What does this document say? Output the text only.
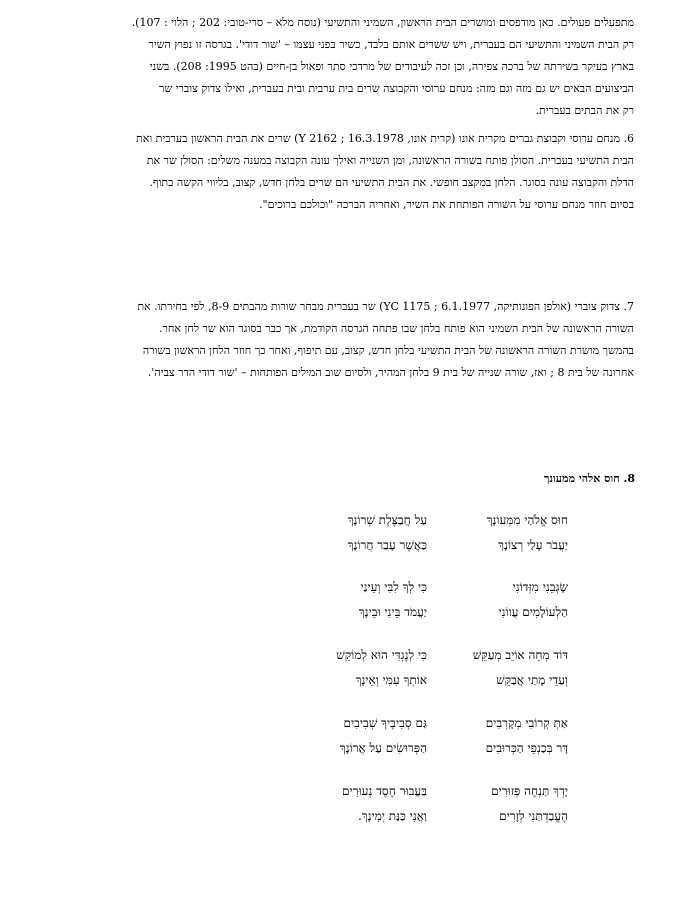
מתפעלים פעולים. כאן מודפסים ומושרים הבית הראשון, השמיני והתשיעי (נוסח מלא – סרי-טובי: 202 ; הלוי : 107).
רק הבית השמיני והתשיעי הם בעברית, ויש ששרים אותם בלבד, כשיר בפני עצמו – 'שור דודי'. בגרסה זו נפוץ השיר
בארץ בעיקר בשירתה של ברכה צפירה, וכן זכה לעיבודים של מרדכי סתר ופאול בן-חיים (בהט 1995: 208). בשני
הביצועים הבאים יש גם מזה וגם מזה: מנחם ערוסי והקבוצה שרים בית ערבית ובית בעברית, ואילו צדוק צוברי שר
רק את הבתים בעברית.
6. מנחם ערוסי וקבוצת גברים מקרית אונו (קרית אונו, 16.3.1978 ; Y 2162) שרים את הבית הראשון בערבית ואת
הבית התשיעי בעברית. הסולן פותח בשורה הראשונה, ומן השנייה ואילך עונה הקבוצה במענה משלים: הסולן שר את
הדלת והקבוצה עונה בסוגר. הלחן במקצב חופשי. את הבית התשיעי הם שרים בלחן חדש, קצוב, בליווי הקשה בתוף.
בסיום חוזר מנחם ערוסי על השורה הפותחת את השיר, ואחריה הברכה "וכולכם ברוכים".
7. צדוק צוברי (אולפן הפונותיקה, 6.1.1977 ; YC 1175) שר בעברית מבחר שורות מהבתים 8-9, לפי בחירתו. את
השורה הראשונה של הבית השמיני הוא פותח בלחן שבו פתחה הגרסה הקודמת, אך כבר בסוגר הוא שר לחן אחר.
בהמשך מושרת השורה הראשונה של הבית התשיעי בלחן חדש, קצוב, עם תיפוף, ואחר כך חוזר הלחן הראשון בשורה
אחרונה של בית 8 ; ואז, שורה שנייה של בית 9 בלחן המהיר, ולסיום שוב המילים הפותחות – 'שור דודי הדר צביה'.
8. חוס אלהי ממעונך
חוּס אֱלֹהַי מִמְּעוֹנָךְ
עַל חֲבַצֶּלֶת שְׁרוֹנָךְ
יַעֲבֹר עָלַי רְצוֹנָךְ
כַּאֲשֶׁר עָבַר חֲרוֹנָךְ
שָׂגְבֵנִי מִזְּדוֹנִי
כִּי לְךָ לִבִּי וְעֵינַי
הַלְעוֹלָמִים עֲווֹנִי
יַעֲמֹד בֵּינִי וּבֵינָךְ
דּוֹד מְחֵה אוֹיֵב מְעַקֵּשׁ
כִּי לְנֶגְדִּי הוּא לְמוֹקֵשׁ
וְעַדֵי מָתַי אֲבַקֵּשׁ
אוֹתְךָ עִמִּי וְאֵינָךְ
אַתְּ קְרוֹבִי מְקָרְבִים
גַּם סְבִיבֶיךָ שְׁבִיבִים
דָּר בְּכַנְפֵי הַכְּרוּבִים
הַפְּרוּשִׂים עַל אֲרוֹנָךְ
יָדְךָ תַּנְחֶה פְּזוּרִים
בַּעֲבוּר חֶסֶד נְעוּרִים
הֶעֱבַדְתַּנִי לְזָרִים
וַאֲנִי כַּנַּת יְמִינָךְ.
